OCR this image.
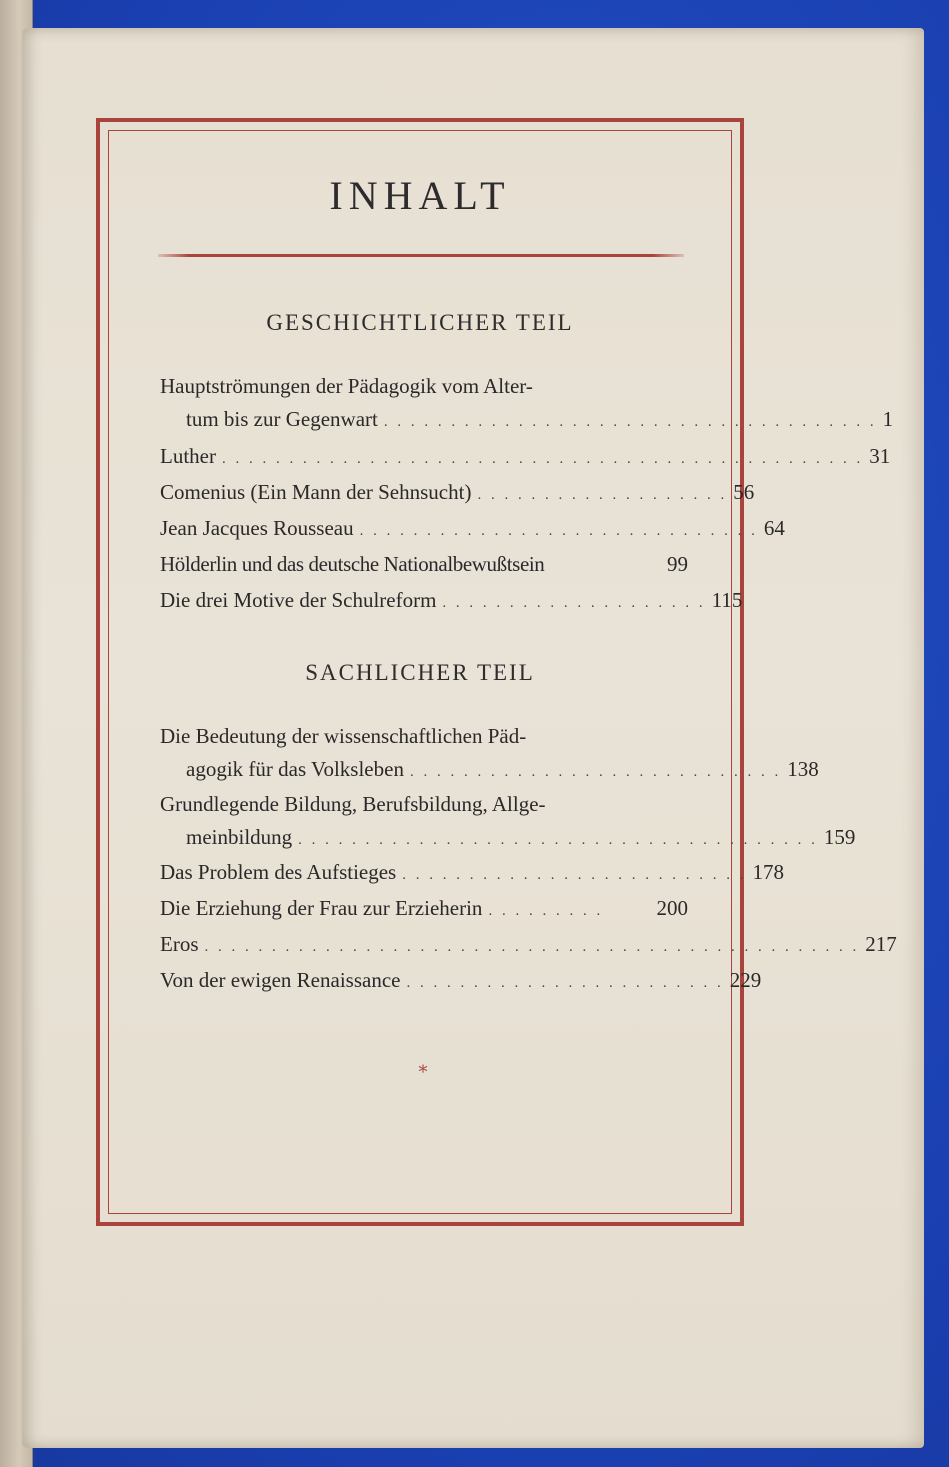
INHALT
GESCHICHTLICHER TEIL
Hauptströmungen der Pädagogik vom Alter-
tum bis zur Gegenwart . . . . . . . . . . . . . . . . . . . . . . . . . . . . . . . . . . . . . 1
Luther . . . . . . . . . . . . . . . . . . . . . . . . . . . . . . . . . . . . . . . . . . . . . . . . 31
Comenius (Ein Mann der Sehnsucht) . . . . . . . . . . . . . . . . . . . 56
Jean Jacques Rousseau . . . . . . . . . . . . . . . . . . . . . . . . . . . . . . 64
Hölderlin und das deutsche Nationalbewußtsein	99
Die drei Motive der Schulreform . . . . . . . . . . . . . . . . . . . . 115
SACHLICHER TEIL
Die Bedeutung der wissenschaftlichen Päd-
agogik für das Volksleben . . . . . . . . . . . . . . . . . . . . . . . . . . . . 138
Grundlegende Bildung, Berufsbildung, Allge-
meinbildung . . . . . . . . . . . . . . . . . . . . . . . . . . . . . . . . . . . . . . . 159
Das Problem des Aufstieges . . . . . . . . . . . . . . . . . . . . . . . . . . 178
Die Erziehung der Frau zur Erzieherin . . . . . . . . .	200
Eros . . . . . . . . . . . . . . . . . . . . . . . . . . . . . . . . . . . . . . . . . . . . . . . . . 217
Von der ewigen Renaissance . . . . . . . . . . . . . . . . . . . . . . . . 229
*
